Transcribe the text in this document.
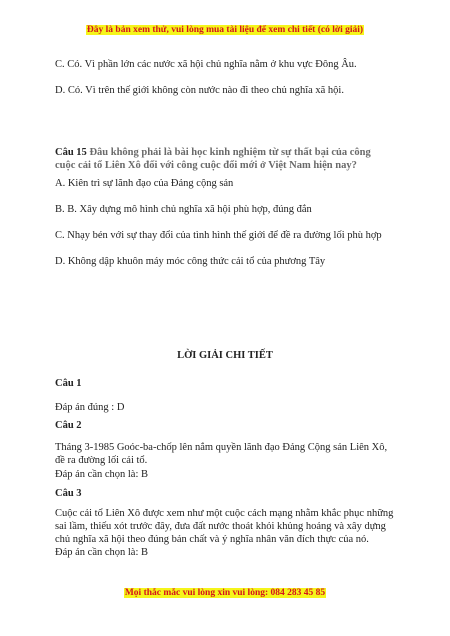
Đây là bản xem thử, vui lòng mua tài liệu để xem chi tiết (có lời giải)
C. Có. Vì phần lớn các nước xã hội chủ nghĩa nằm ở khu vực Đông Âu.
D. Có. Vì trên thế giới không còn nước nào đi theo chủ nghĩa xã hội.
Câu 15 Đâu không phải là bài học kinh nghiệm từ sự thất bại của công
cuộc cải tổ Liên Xô đối với công cuộc đổi mới ở Việt Nam hiện nay?
A. Kiên trì sự lãnh đạo của Đảng cộng sản
B. B. Xây dựng mô hình chủ nghĩa xã hội phù hợp, đúng đắn
C. Nhạy bén với sự thay đổi của tình hình thế giới để đề ra đường lối phù hợp
D. Không dập khuôn máy móc công thức cải tổ của phương Tây
LỜI GIẢI CHI TIẾT
Câu 1
Đáp án đúng : D
Câu 2
Tháng 3-1985 Goóc-ba-chốp lên nắm quyền lãnh đạo Đảng Cộng sản Liên Xô,
đề ra đường lối cải tổ.
Đáp án cần chọn là: B
Câu 3
Cuộc cải tổ Liên Xô được xem như một cuộc cách mạng nhằm khắc phục những
sai lầm, thiếu xót trước đây, đưa đất nước thoát khỏi khủng hoảng và xây dựng
chủ nghĩa xã hội theo đúng bản chất và ý nghĩa nhân văn đích thực của nó.
Đáp án cần chọn là: B
Mọi thắc mắc vui lòng xin vui lòng: 084 283 45 85
